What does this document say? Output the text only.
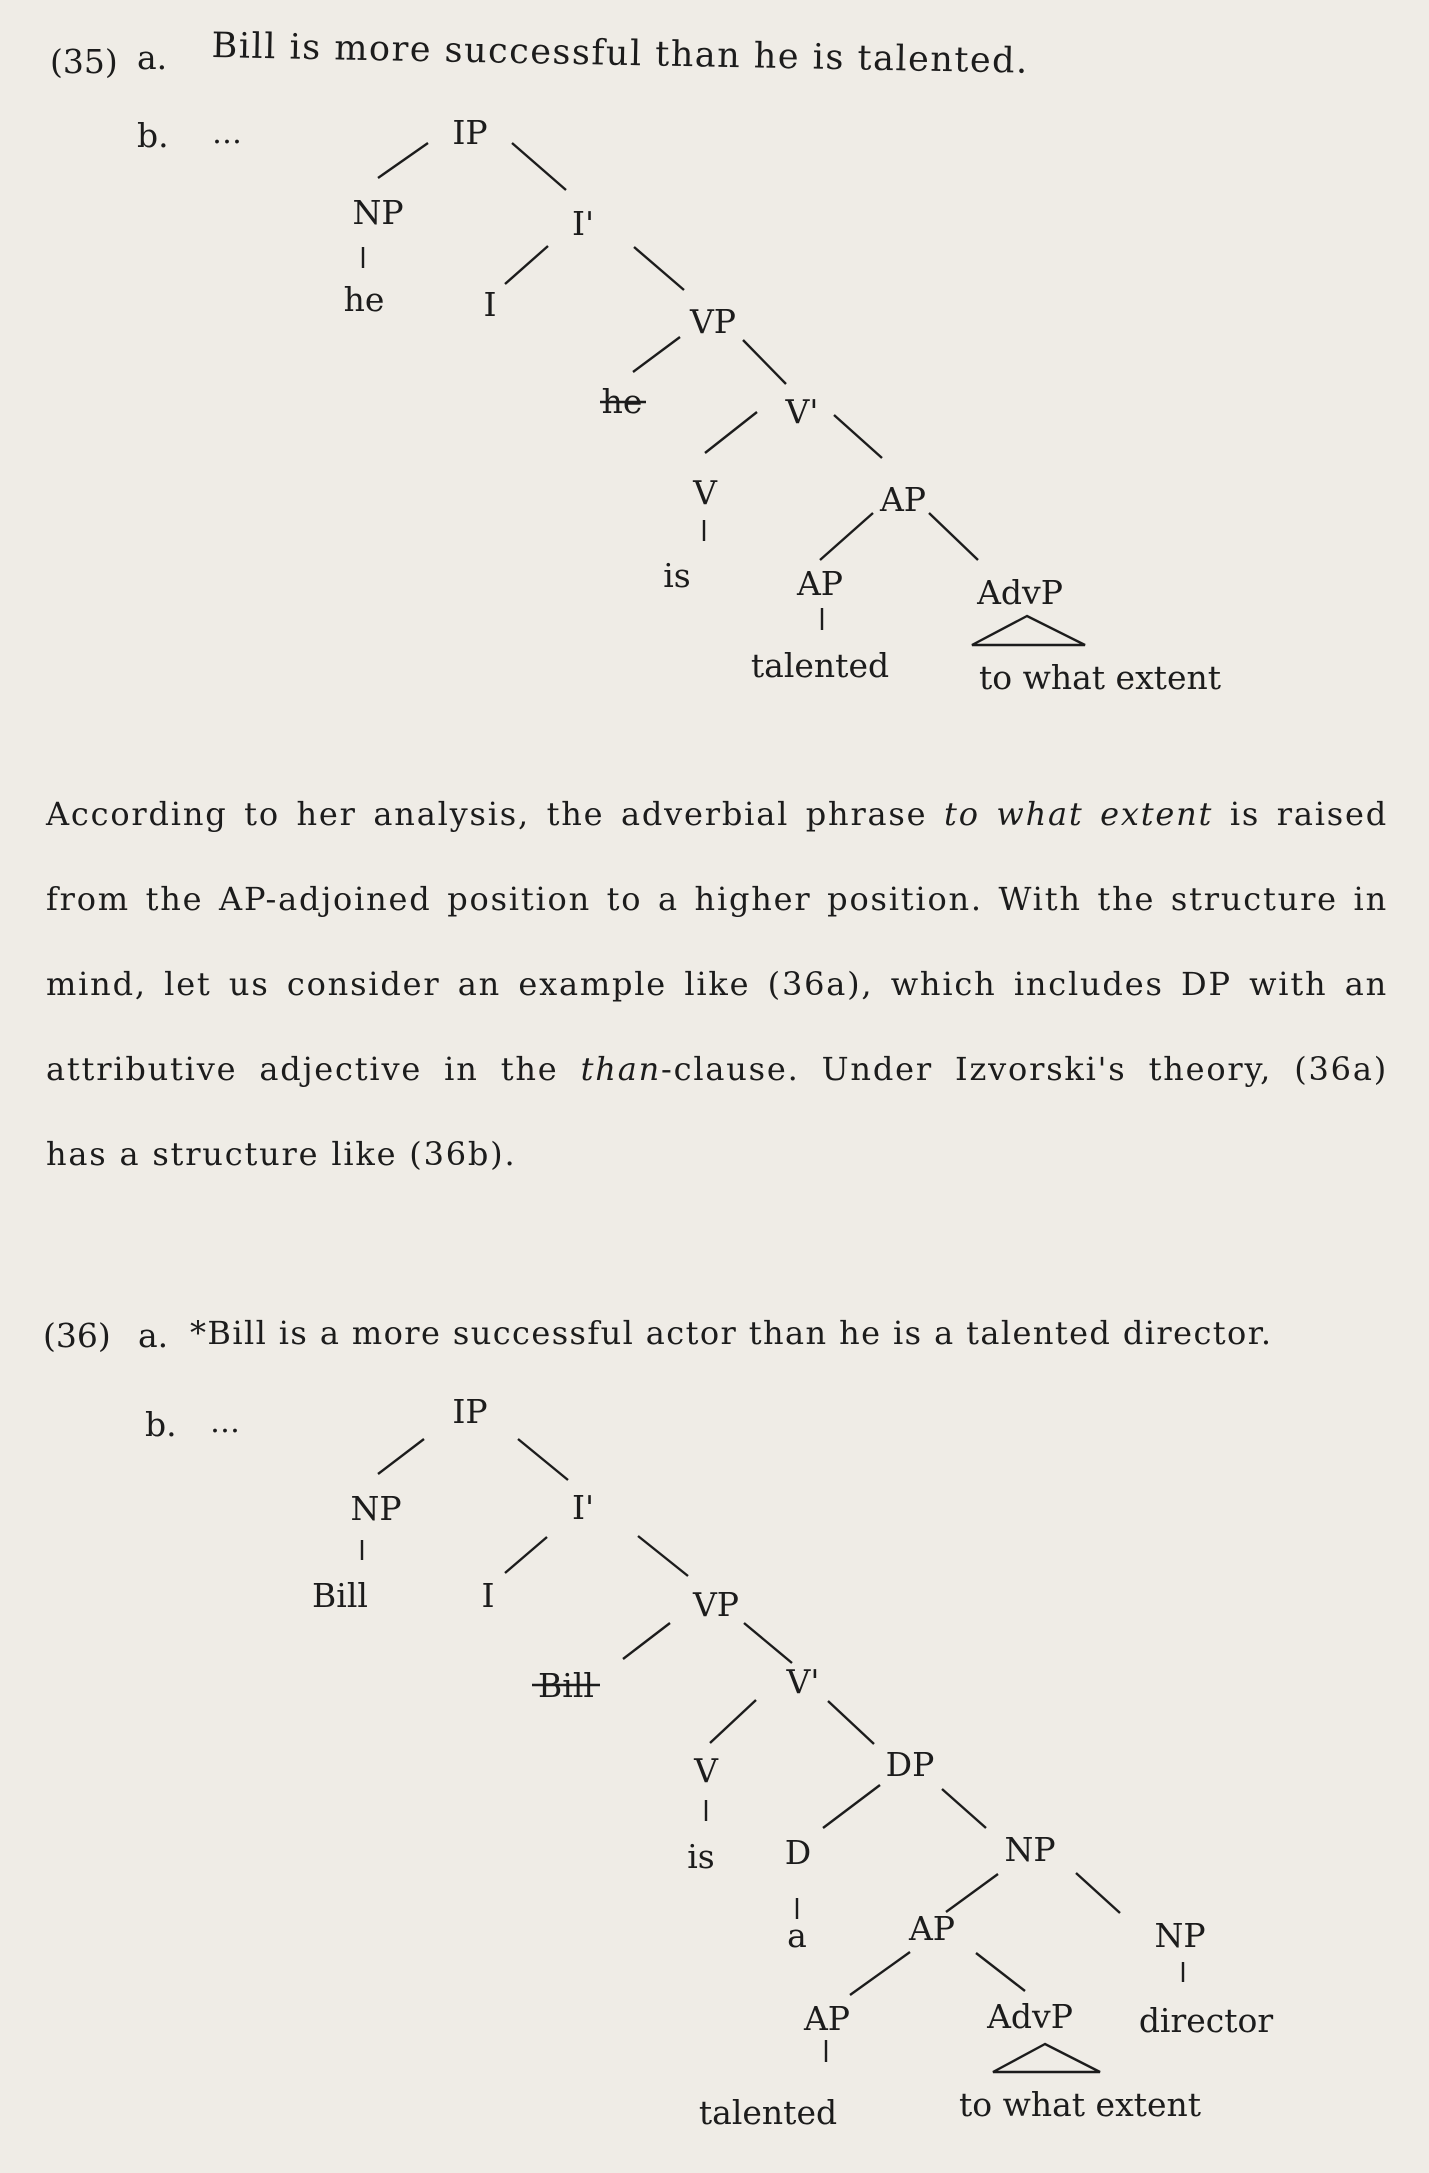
(35) a. Bill is more successful than he is talented.
b. …	IP
NP
he
I'
I	VP
he	V'
V
is
AP
AP
talented
AdvP
to what extent
According to her analysis, the adverbial phrase to what extent is raised
from the AP-adjoined position to a higher position. With the structure in
mind, let us consider an example like (36a), which includes DP with an
attributive adjective in the than-clause. Under Izvorski's theory, (36a)
has a structure like (36b).
(36) a. *Bill is a more successful actor than he is a talented director.
b. …	IP
NP
Bill
I'
I	VP
Bill	V'
V
is
DP
D
a
NP
AP	NP
director
AP
talented
AdvP
to what extent
